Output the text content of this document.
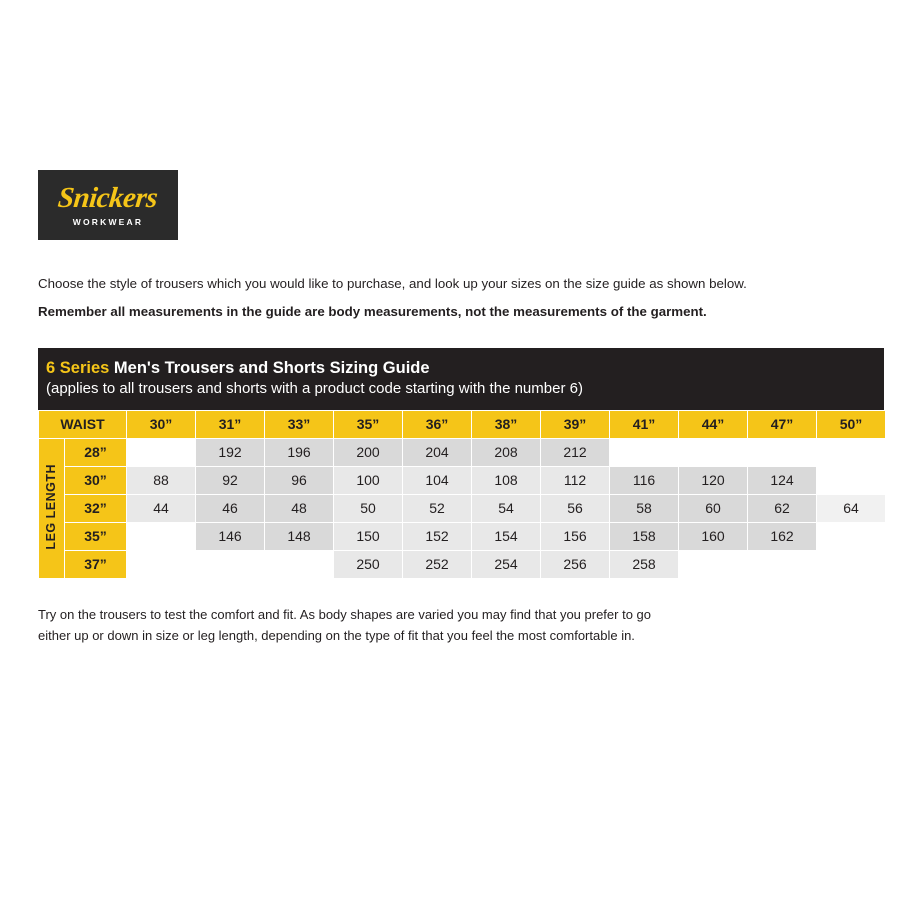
Snickers
WORKWEAR
Choose the style of trousers which you would like to purchase, and look up your sizes on the size guide as shown below.
Remember all measurements in the guide are body measurements, not the measurements of the garment.
6 Series Men's Trousers and Shorts Sizing Guide
(applies to all trousers and shorts with a product code starting with the number 6)
WAIST		30”	31”	33”	35”	36”	38”	39”	41”	44”	47”	50”
LEG LENGTH	28”		192	196	200	204	208	212				
	30”	88	92	96	100	104	108	112	116	120	124	
	32”	44	46	48	50	52	54	56	58	60	62	64
	35”		146	148	150	152	154	156	158	160	162	
	37”				250	252	254	256	258			
Try on the trousers to test the comfort and fit. As body shapes are varied you may find that you prefer to go
either up or down in size or leg length, depending on the type of fit that you feel the most comfortable in.
